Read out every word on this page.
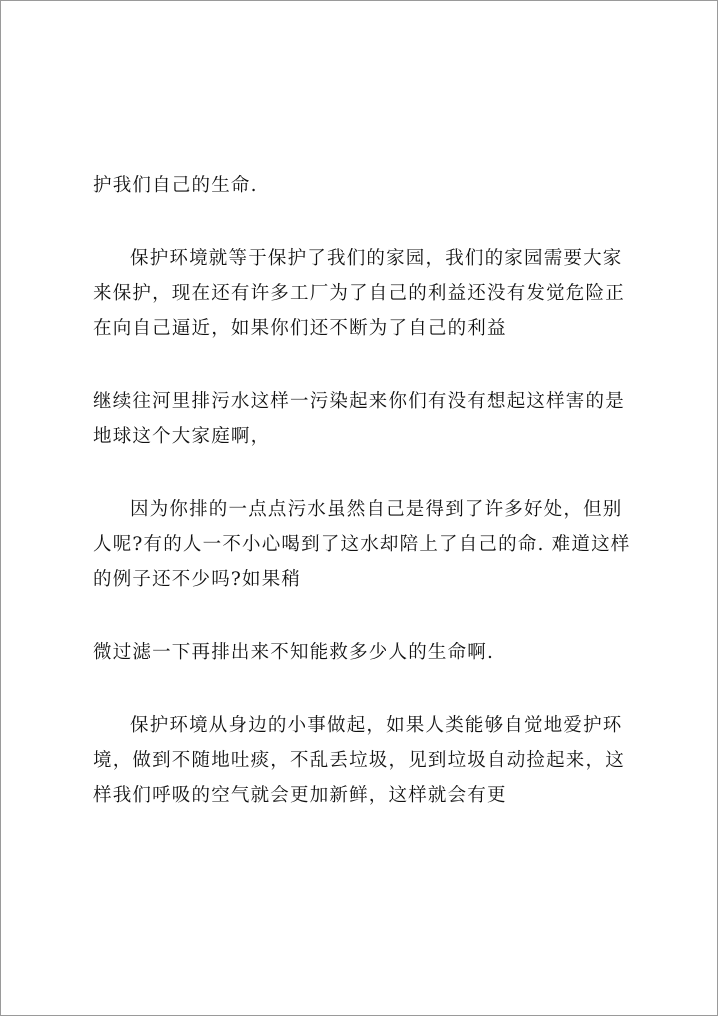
护我们自己的生命.

保护环境就等于保护了我们的家园，我们的家园需要大家来保护，现在还有许多工厂为了自己的利益还没有发觉危险正在向自己逼近，如果你们还不断为了自己的利益

继续往河里排污水这样一污染起来你们有没有想起这样害的是地球这个大家庭啊，

因为你排的一点点污水虽然自己是得到了许多好处，但别人呢?有的人一不小心喝到了这水却陪上了自己的命. 难道这样的例子还不少吗?如果稍

微过滤一下再排出来不知能救多少人的生命啊.

保护环境从身边的小事做起，如果人类能够自觉地爱护环境，做到不随地吐痰，不乱丢垃圾，见到垃圾自动捡起来，这样我们呼吸的空气就会更加新鲜，这样就会有更
